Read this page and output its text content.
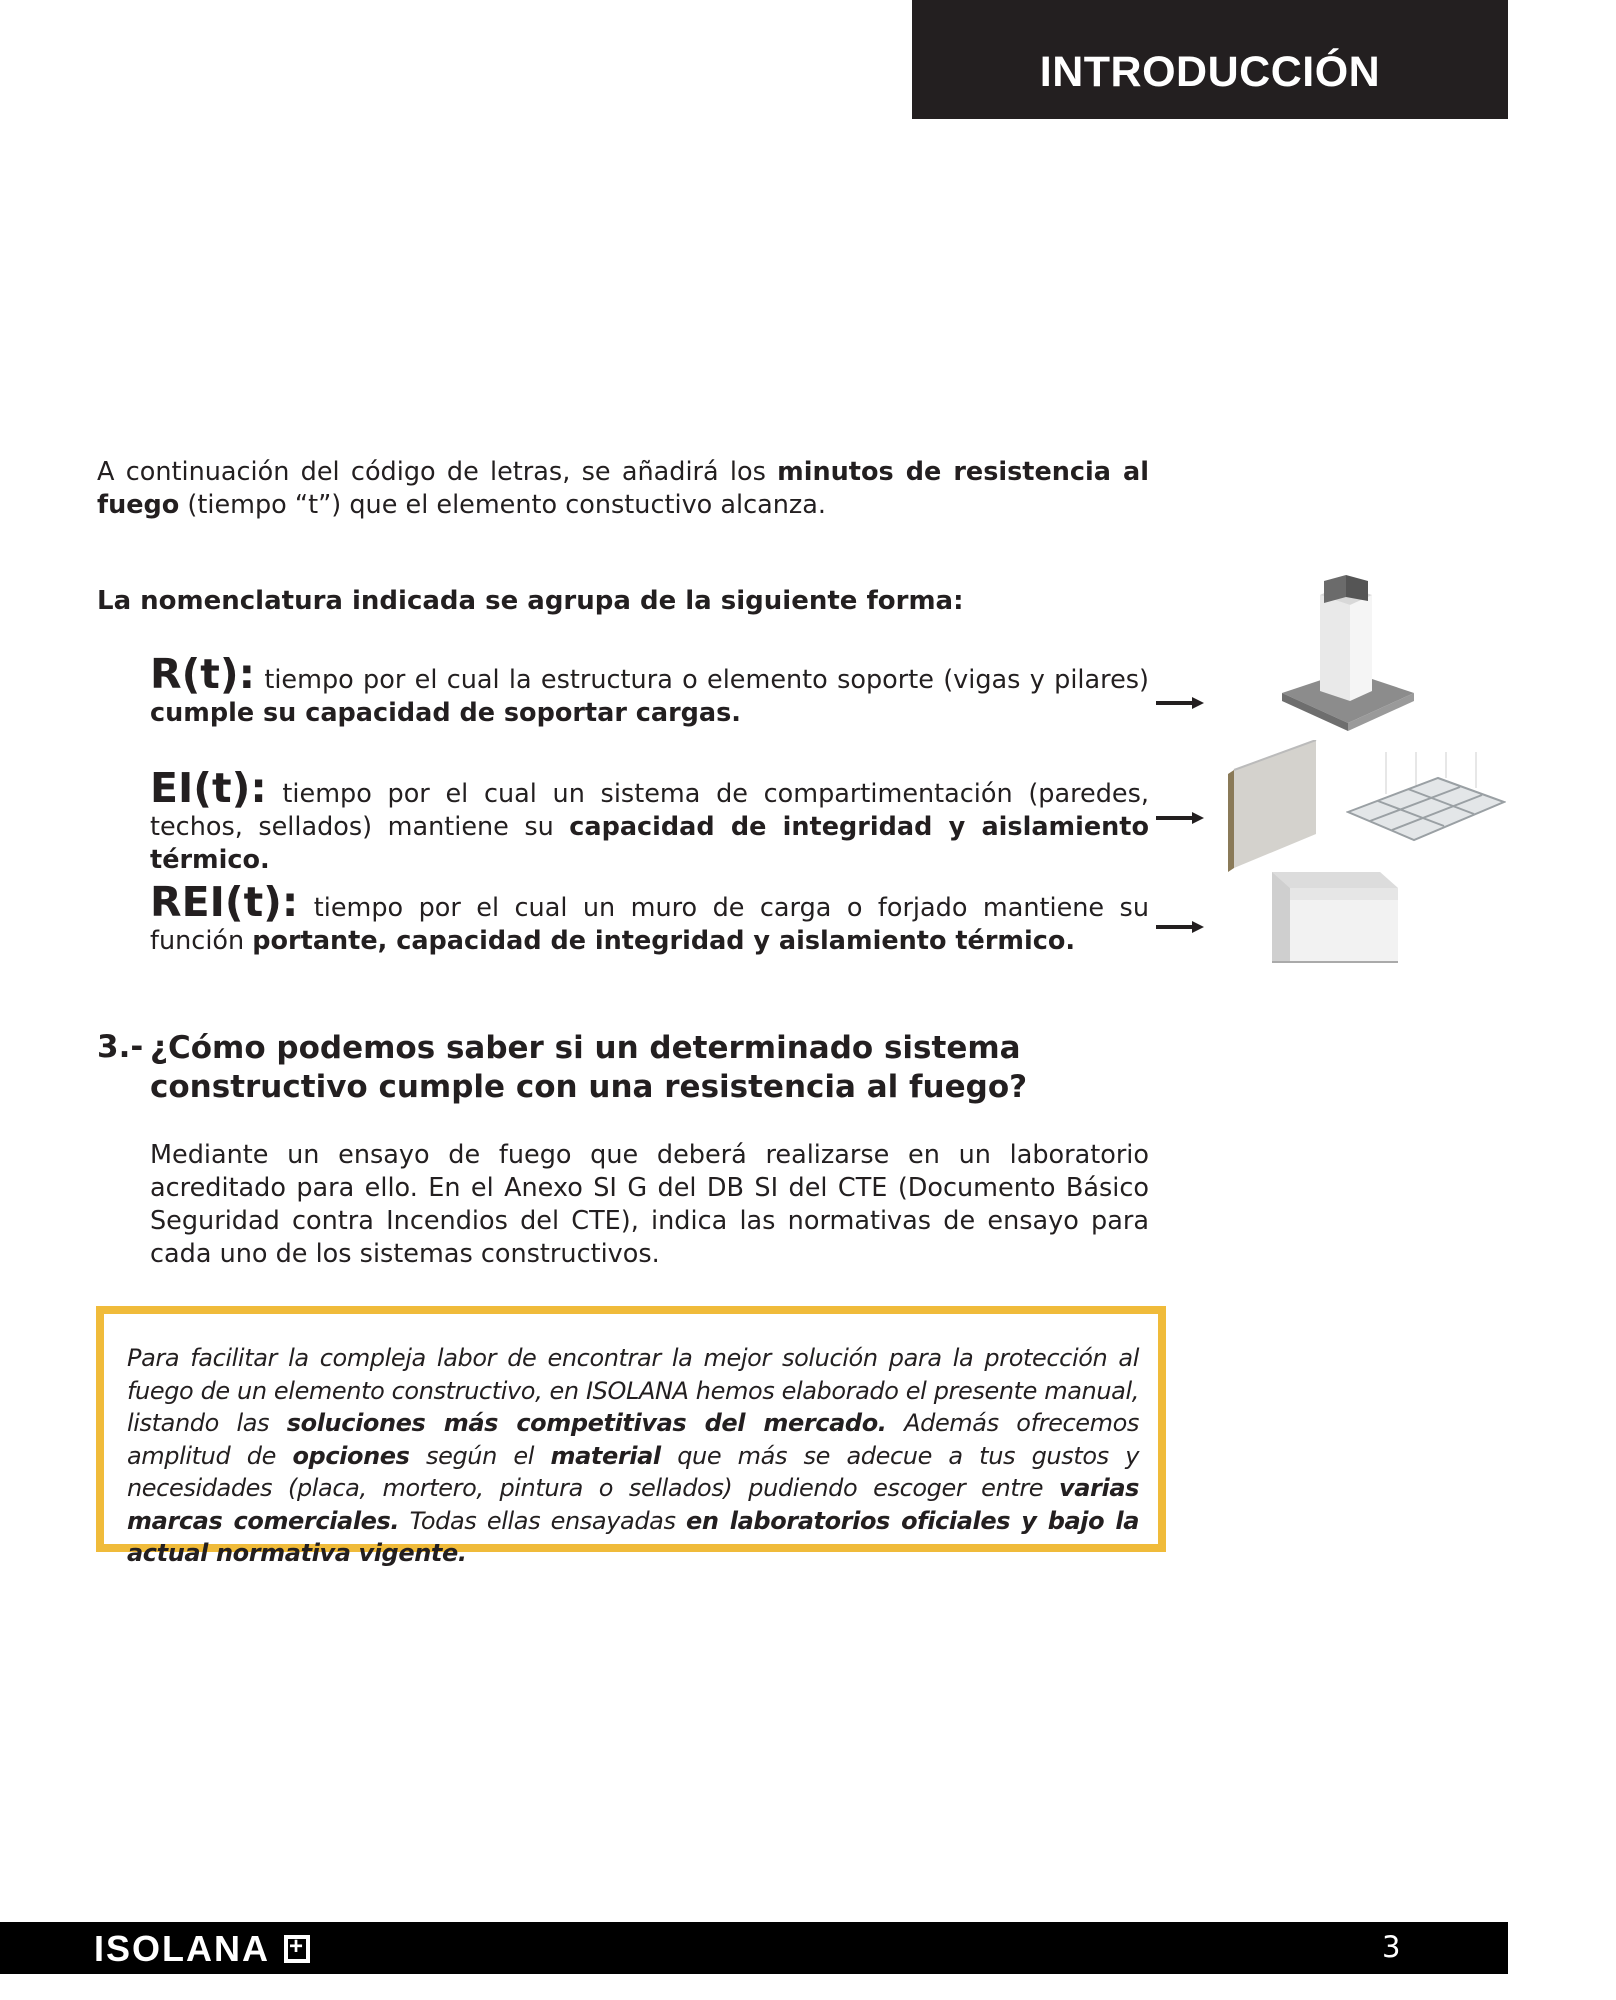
INTRODUCCIÓN

A continuación del código de letras, se añadirá los minutos de resistencia al fuego (tiempo “t”) que el elemento constuctivo alcanza.

La nomenclatura indicada se agrupa de la siguiente forma:

R(t): tiempo por el cual la estructura o elemento soporte (vigas y pilares) cumple su capacidad de soportar cargas.

EI(t): tiempo por el cual un sistema de compartimentación (paredes, techos, sellados) mantiene su capacidad de integridad y aislamiento térmico.

REI(t): tiempo por el cual un muro de carga o forjado mantiene su función portante, capacidad de integridad y aislamiento térmico.

3.- ¿Cómo podemos saber si un determinado sistema constructivo cumple con una resistencia al fuego?

Mediante un ensayo de fuego que deberá realizarse en un laboratorio acreditado para ello. En el Anexo SI G del DB SI del CTE (Documento Básico Seguridad contra Incendios del CTE), indica las normativas de ensayo para cada uno de los sistemas constructivos.

Para facilitar la compleja labor de encontrar la mejor solución para la protección al fuego de un elemento constructivo, en ISOLANA hemos elaborado el presente manual, listando las soluciones más competitivas del mercado. Además ofrecemos amplitud de opciones según el material que más se adecue a tus gustos y necesidades (placa, mortero, pintura o sellados) pudiendo escoger entre varias marcas comerciales. Todas ellas ensayadas en laboratorios oficiales y bajo la actual normativa vigente.

ISOLANA
+	3
